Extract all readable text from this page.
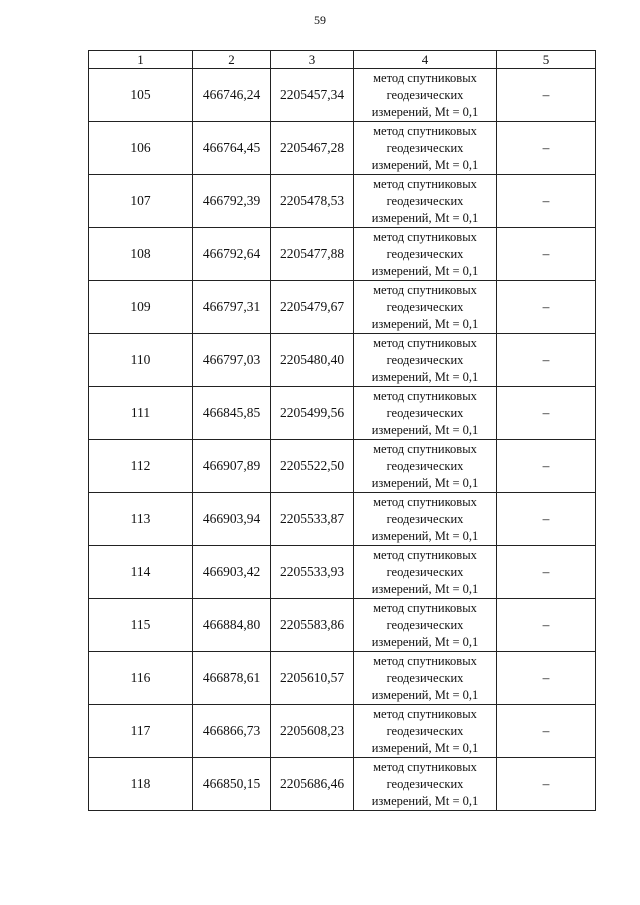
59
1	2	3	4	5
105	466746,24	2205457,34	метод спутниковых
геодезических
измерений, Mt = 0,1	–
106	466764,45	2205467,28	метод спутниковых
геодезических
измерений, Mt = 0,1	–
107	466792,39	2205478,53	метод спутниковых
геодезических
измерений, Mt = 0,1	–
108	466792,64	2205477,88	метод спутниковых
геодезических
измерений, Mt = 0,1	–
109	466797,31	2205479,67	метод спутниковых
геодезических
измерений, Mt = 0,1	–
110	466797,03	2205480,40	метод спутниковых
геодезических
измерений, Mt = 0,1	–
111	466845,85	2205499,56	метод спутниковых
геодезических
измерений, Mt = 0,1	–
112	466907,89	2205522,50	метод спутниковых
геодезических
измерений, Mt = 0,1	–
113	466903,94	2205533,87	метод спутниковых
геодезических
измерений, Mt = 0,1	–
114	466903,42	2205533,93	метод спутниковых
геодезических
измерений, Mt = 0,1	–
115	466884,80	2205583,86	метод спутниковых
геодезических
измерений, Mt = 0,1	–
116	466878,61	2205610,57	метод спутниковых
геодезических
измерений, Mt = 0,1	–
117	466866,73	2205608,23	метод спутниковых
геодезических
измерений, Mt = 0,1	–
118	466850,15	2205686,46	метод спутниковых
геодезических
измерений, Mt = 0,1	–
